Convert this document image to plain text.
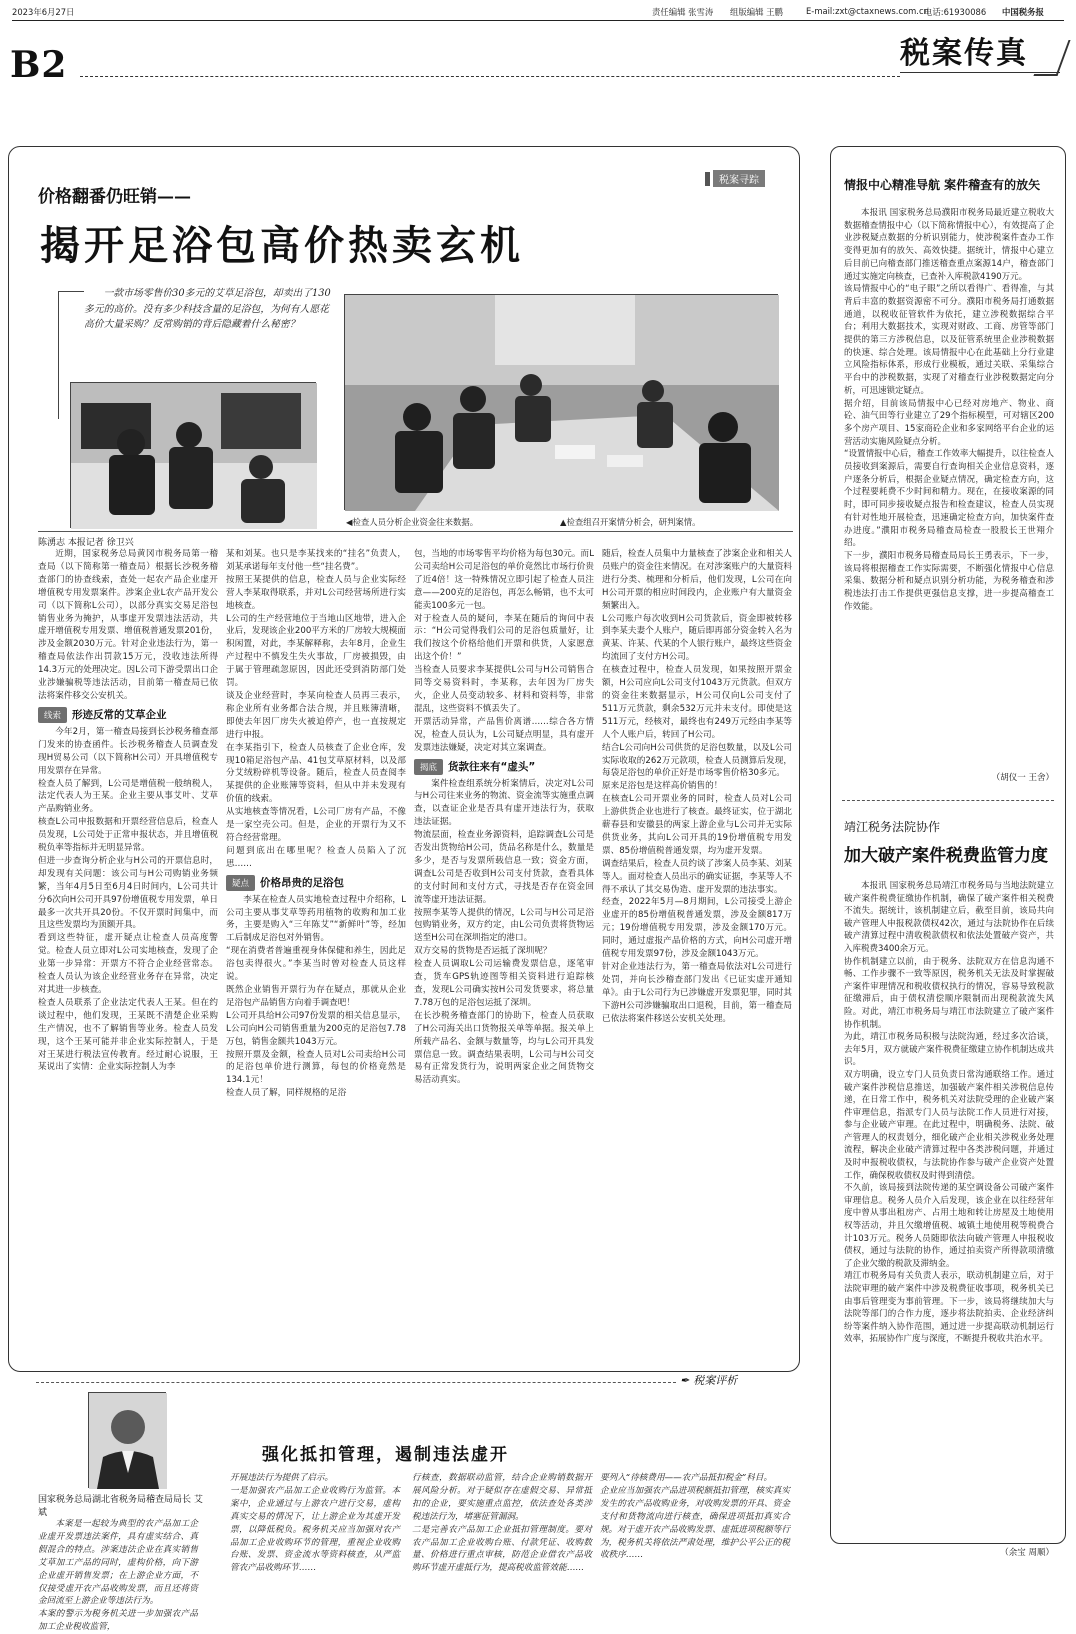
2023年6月27日	责任编辑 张雪涛 组版编辑 王鹏	E-mail:zxt@ctaxnews.com.cn
电话:61930086 中国税务报
B2	税案传真
税案寻踪
价格翻番仍旺销——
揭开足浴包高价热卖玄机
一款市场零售价30多元的艾草足浴包，却卖出了130多元的高价。没有多少科技含量的足浴包，为何有人愿花高价大量采购？反常购销的背后隐藏着什么秘密？
◀检查人员分析企业资金往来数据。	▲检查组召开案情分析会，研判案情。
陈湧志 本报记者 徐卫兴
近期，国家税务总局黄冈市税务局第一稽查局（以下简称第一稽查局）根据长沙税务稽查部门的协查线索，查处一起农产品企业虚开增值税专用发票案件。涉案企业L农产品开发公司（以下简称L公司），以部分真实交易足浴包销售业务为掩护，从事虚开发票违法活动，共虚开增值税专用发票、增值税普通发票201份，涉及金额2030万元。针对企业违法行为，第一稽查局依法作出罚款15万元，没收违法所得14.3万元的处理决定。因L公司下游受票出口企业涉嫌骗税等违法活动，目前第一稽查局已依法将案件移交公安机关。
线索	形迹反常的艾草企业
今年2月，第一稽查局接到长沙税务稽查部门发来的协查函件。长沙税务稽查人员调查发现H贸易公司（以下简称H公司）开具增值税专用发票存在异常。
检查人员了解到，L公司是增值税一般纳税人，法定代表人为王某。企业主要从事艾叶、艾草产品购销业务。
核查L公司申报数据和开票经营信息后，检查人员发现，L公司处于正常申报状态，并且增值税税负率等指标并无明显异常。
但进一步查询分析企业与H公司的开票信息时，却发现有关问题：该公司与H公司购销业务频繁，当年4月5日至6月4日时间内，L公司共计分6次向H公司开具97份增值税专用发票，单日最多一次共开具20份。不仅开票时间集中，而且这些发票均为顶额开具。
看到这些特征，虚开疑点让检查人员高度警觉。检查人员立即对L公司实地核查，发现了企业第一步异常：开票方不符合企业经营常态。检查人员认为该企业经营业务存在异常，决定对其进一步核查。
检查人员联系了企业法定代表人王某。但在约谈过程中，他们发现，王某既不清楚企业采购生产情况，也不了解销售等业务。检查人员发现，这个王某可能并非企业实际控制人，于是对王某进行税法宣传教育。经过耐心说服，王某说出了实情：企业实际控制人为李
某和刘某。也只是李某找来的“挂名”负责人，刘某承诺每年支付他一些“挂名费”。
按照王某提供的信息，检查人员与企业实际经营人李某取得联系，并对L公司经营场所进行实地核查。
L公司的生产经营地位于当地山区地带，进入企业后，发现该企业200平方米的厂房较大规模面积闲置，对此，李某解释称，去年8月，企业生产过程中不慎发生失火事故，厂房被损毁，由于属于管理疏忽原因，因此还受到消防部门处罚。
谈及企业经营时，李某向检查人员再三表示，称企业所有业务都合法合规，并且账簿清晰，即使去年因厂房失火被迫停产，也一直按规定进行申报。
在李某指引下，检查人员核查了企业仓库，发现10箱足浴包产品、41包艾草原材料，以及部分艾绒粉碎机等设备。随后，检查人员查阅李某提供的企业账簿等资料，但从中并未发现有价值的线索。
从实地核查等情况看，L公司厂房有产品，不像是一家空壳公司。但是，企业的开票行为又不符合经营常理。
问题到底出在哪里呢？检查人员陷入了沉思……
疑点	价格昂贵的足浴包
李某在检查人员实地检查过程中介绍称，L公司主要从事艾草等药用植物的收购和加工业务，主要是购入“三年陈艾”“新鲜叶”等，经加工后制成足浴包对外销售。
“现在消费者普遍重视身体保健和养生，因此足浴包卖得很火。”李某当时曾对检查人员这样说。
既然企业销售开票行为存在疑点，那就从企业足浴包产品销售方向着手调查吧！
L公司开具给H公司97份发票的相关信息显示，L公司向H公司销售重量为200克的足浴包7.78万包，销售金额共1043万元。
按照开票及金额，检查人员对L公司卖给H公司的足浴包单价进行测算，每包的价格竟然是134.1元！
检查人员了解，同样规格的足浴
包，当地的市场零售平均价格为每包30元。而L公司卖给H公司足浴包的单价竟然比市场行价贵了近4倍！这一特殊情况立即引起了检查人员注意——200克的足浴包，再怎么畅销，也不太可能卖100多元一包。
对于检查人员的疑问，李某在随后的询问中表示：“H公司觉得我们公司的足浴包质量好，让我们按这个价格给他们开票和供货，人家愿意出这个价！”
当检查人员要求李某提供L公司与H公司销售合同等交易资料时，李某称，去年因为厂房失火，企业人员变动较多、材料和资料等，非常混乱，这些资料不慎丢失了。
开票活动异常，产品售价离谱……综合各方情况，检查人员认为，L公司疑点明显，具有虚开发票违法嫌疑，决定对其立案调查。
揭底	货款往来有“虚头”
案件检查组系统分析案情后，决定对L公司与H公司往来业务的物流、资金流等实施重点调查，以查证企业是否具有虚开违法行为，获取违法证据。
物流层面，检查业务源资料，追踪调查L公司是否发出货物给H公司，货品名称是什么，数量是多少，是否与发票所载信息一致；资金方面，调查L公司是否收到H公司支付货款，查看具体的支付时间和支付方式，寻找是否存在资金回流等虚开违法证据。
按照李某等人提供的情况，L公司与H公司足浴包购销业务，双方约定，由L公司负责将货物运送至H公司在深圳指定的港口。
双方交易的货物是否运抵了深圳呢？
检查人员调取L公司运输费发票信息，逐笔审查，货车GPS轨迹图等相关资料进行追踪核查，发现L公司确实按H公司发货要求，将总量7.78万包的足浴包运抵了深圳。
在长沙税务稽查部门的协助下，检查人员获取了H公司海关出口货物报关单等单据。报关单上所载产品名、金额与数量等，均与L公司开具发票信息一致。调查结果表明，L公司与H公司交易有正常发货行为，说明两家企业之间货物交易活动真实。
随后，检查人员集中力量核查了涉案企业和相关人员账户的资金往来情况。在对涉案账户的大量资料进行分类、梳理和分析后，他们发现，L公司在向H公司开票的相应时间段内，企业账户有大量资金频繁出入。
L公司账户每次收到H公司货款后，资金即被转移到李某夫妻个人账户，随后即再部分资金转入名为黄某、许某、代某的个人银行账户，最终这些资金均流回了支付方H公司。
在核查过程中，检查人员发现，如果按照开票金额，H公司应向L公司支付1043万元货款。但双方的资金往来数据显示，H公司仅向L公司支付了511万元货款，剩余532万元并未支付。即使是这511万元，经核对，最终也有249万元经由李某等人个人账户后，转回了H公司。
结合L公司向H公司供货的足浴包数量，以及L公司实际收取的262万元款项，检查人员测算后发现，每袋足浴包的单价正好是市场零售价格30多元。
原来足浴包是这样高价销售的！
在核查L公司开票业务的同时，检查人员对L公司上游供货企业也进行了核查。最终证实，位于湖北蕲春县和安徽县的两家上游企业与L公司并无实际供货业务，其向L公司开具的19份增值税专用发票、85份增值税普通发票，均为虚开发票。
调查结果后，检查人员约谈了涉案人员李某、刘某等人。面对检查人员出示的确实证据，李某等人不得不承认了其交易伪造、虚开发票的违法事实。
经查，2022年5月—8月期间，L公司接受上游企业虚开的85份增值税普通发票，涉及金额817万元；19份增值税专用发票，涉及金额170万元。同时，通过虚报产品价格的方式，向H公司虚开增值税专用发票97份，涉及金额1043万元。
针对企业违法行为，第一稽查局依法对L公司进行处罚，并向长沙稽查部门发出《已证实虚开通知单》。由于L公司行为已涉嫌虚开发票犯罪，同时其下游H公司涉嫌骗取出口退税，目前，第一稽查局已依法将案件移送公安机关处理。
✒ 税案评析
国家税务总局湖北省税务局稽查局局长 艾斌
强化抵扣管理，遏制违法虚开
本案是一起较为典型的农产品加工企业虚开发票违法案件，具有虚实结合、真假混合的特点。涉案违法企业在真实销售艾草加工产品的同时，虚构价格，向下游企业虚开销售发票；在上游企业方面，不仅接受虚开农产品收购发票，而且还将资金回流至上游企业等违法行为。
本案的警示为税务机关进一步加强农产品加工企业税收监管，
开展违法行为提供了启示。
一是加强农产品加工企业收购行为监管。本案中，企业通过与上游农户进行交易，虚构真实交易的情况下，让上游企业为其虚开发票，以降低税负。税务机关应当加强对农产品加工企业收购环节的管理，重视企业收购台账、发票、资金流水等资料核查，从严监管农产品收购环节……
行核查，数据联动监管，结合企业购销数据开展风险分析。对于疑似存在虚假交易、异常抵扣的企业，要实施重点监控，依法查处各类涉税违法行为，堵塞征管漏洞。
二是完善农产品加工企业抵扣管理制度。要对农产品加工企业收购台账、付款凭证、收购数量、价格进行重点审核，防范企业借农产品收购环节虚开虚抵行为，提高税收监管效能……
要列入“待核费用——农产品抵扣税金”科目。
企业应当加强农产品进项税额抵扣管理，核实真实发生的农产品收购业务，对收购发票的开具、资金支付和货物流向进行核查，确保进项抵扣真实合规。对于虚开农产品收购发票、虚抵进项税额等行为，税务机关将依法严肃处理，维护公平公正的税收秩序……
情报中心精准导航 案件稽查有的放矢
本报讯 国家税务总局濮阳市税务局最近建立税收大数据稽查情报中心（以下简称情报中心），有效提高了企业涉税疑点数据的分析识别能力，使涉税案件查办工作变得更加有的放矢、高效快捷。据统计，情报中心建立后目前已向稽查部门推送稽查重点案源14户，稽查部门通过实施定向核查，已查补入库税款4190万元。
该局情报中心的“电子眼”之所以看得广、看得准，与其背后丰富的数据资源密不可分。濮阳市税务局打通数据通道，以税收征管软件为依托，建立涉税数据综合平台；利用大数据技术，实现对财政、工商、房管等部门提供的第三方涉税信息，以及征管系统里企业涉税数据的快速、综合处理。该局情报中心在此基础上分行业建立风险指标体系，形成行业模板，通过关联、采集综合平台中的涉税数据，实现了对稽查行业涉税数据定向分析，可迅速锁定疑点。
据介绍，目前该局情报中心已经对房地产、物业、商砼、油气田等行业建立了29个指标模型，可对辖区200多个房产项目、15家商砼企业和多家网络平台企业的运营活动实施风险疑点分析。
“设置情报中心后，稽查工作效率大幅提升，以往检查人员接收到案源后，需要自行查询相关企业信息资料，逐户逐条分析后，根据企业疑点情况，确定检查方向，这个过程要耗费不少时间和精力。现在，在接收案源的同时，即可同步接收疑点报告和检查建议，检查人员实现有针对性地开展检查，迅速确定检查方向，加快案件查办进度。”濮阳市税务局稽查局检查一股股长王世翔介绍。
下一步，濮阳市税务局稽查局局长王勇表示，下一步，该局将根据稽查工作实际需要，不断强化情报中心信息采集、数据分析和疑点识别分析功能，为税务稽查和涉税违法打击工作提供更强信息支撑，进一步提高稽查工作效能。
（胡仪一 王舍）
靖江税务法院协作
加大破产案件税费监管力度
本报讯 国家税务总局靖江市税务局与当地法院建立破产案件税费征缴协作机制，确保了破产案件相关税费不流失。据统计，该机制建立后，截至目前，该局共向破产管理人申报税款债权42次，通过与法院协作在后续破产清算过程中清收税款债权和依法处置破产资产，共入库税费3400余万元。
协作机制建立以前，由于税务、法院双方在信息沟通不畅、工作步骤不一致等原因，税务机关无法及时掌握破产案件审理情况和税收债权执行的情况，容易导致税款征缴滞后，由于债权清偿顺序限制而出现税款流失风险。对此，靖江市税务局与靖江市法院建立了破产案件协作机制。
为此，靖江市税务局积极与法院沟通，经过多次洽谈，去年5月，双方就破产案件税费征缴建立协作机制达成共识。
双方明确，设立专门人员负责日常沟通联络工作。通过破产案件涉税信息推送，加强破产案件相关涉税信息传递，在日常工作中，税务机关对法院受理的企业破产案件审理信息，指派专门人员与法院工作人员进行对接，参与企业破产审理。在此过程中，明确税务、法院、破产管理人的权责划分，细化破产企业相关涉税业务处理流程，解决企业破产清算过程中各类涉税问题，并通过及时申报税收债权，与法院协作参与破产企业资产处置工作，确保税收债权及时得到清偿。
不久前，该局接到法院传递的某空调设备公司破产案件审理信息。税务人员介入后发现，该企业在以往经营年度中曾从事出租房产、占用土地和转让房屋及土地使用权等活动，并且欠缴增值税、城镇土地使用税等税费合计103万元。税务人员随即依法向破产管理人申报税收债权，通过与法院的协作，通过拍卖资产所得款项清缴了企业欠缴的税款及滞纳金。
靖江市税务局有关负责人表示，联动机制建立后，对于法院审理的破产案件中涉及税费征收事项，税务机关已由事后管理变为事前管理。下一步，该局将继续加大与法院等部门的合作力度，逐步将法院拍卖、企业经济纠纷等案件纳入协作范围，通过进一步提高联动机制运行效率，拓展协作广度与深度，不断提升税收共治水平。
（余宝 周顺）
